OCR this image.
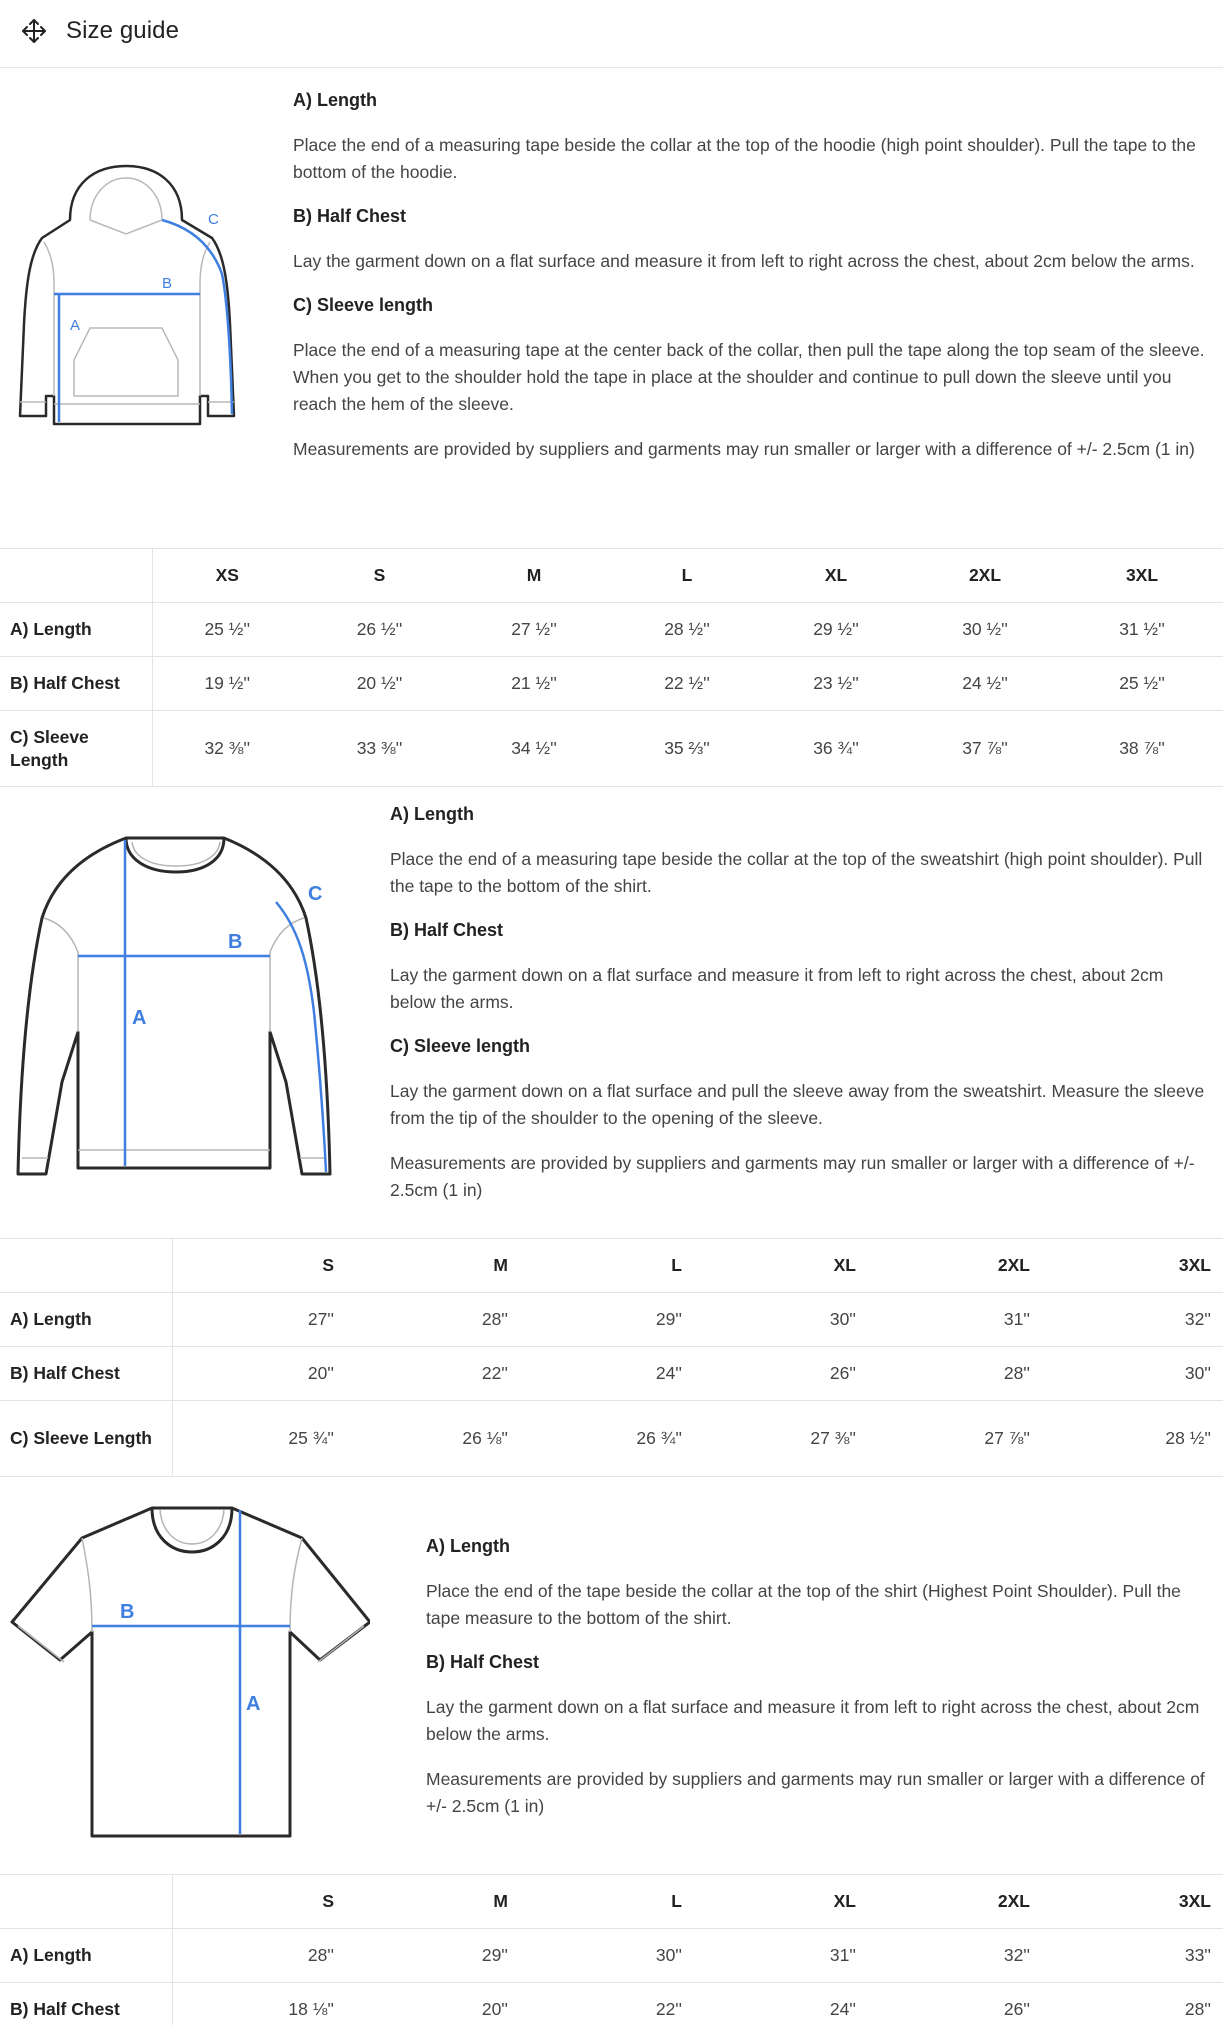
Size guide
A
B
C
A) Length

Place the end of a measuring tape beside the collar at the top of the hoodie (high point shoulder). Pull the tape to the bottom of the hoodie.

B) Half Chest

Lay the garment down on a flat surface and measure it from left to right across the chest, about 2cm below the arms.

C) Sleeve length

Place the end of a measuring tape at the center back of the collar, then pull the tape along the top seam of the sleeve. When you get to the shoulder hold the tape in place at the shoulder and continue to pull down the sleeve until you reach the hem of the sleeve.

Measurements are provided by suppliers and garments may run smaller or larger with a difference of +/- 2.5cm (1 in)

	XS	S	M	L	XL	2XL	3XL
A) Length	25 ½''	26 ½''	27 ½''	28 ½''	29 ½''	30 ½''	31 ½''
B) Half Chest	19 ½''	20 ½''	21 ½''	22 ½''	23 ½''	24 ½''	25 ½''
C) Sleeve Length	32 ⅜''	33 ⅜''	34 ½''	35 ⅔''	36 ¾''	37 ⅞''	38 ⅞''
A
B
C
A) Length

Place the end of a measuring tape beside the collar at the top of the sweatshirt (high point shoulder). Pull the tape to the bottom of the shirt.

B) Half Chest

Lay the garment down on a flat surface and measure it from left to right across the chest, about 2cm below the arms.

C) Sleeve length

Lay the garment down on a flat surface and pull the sleeve away from the sweatshirt. Measure the sleeve from the tip of the shoulder to the opening of the sleeve.

Measurements are provided by suppliers and garments may run smaller or larger with a difference of +/- 2.5cm (1 in)

	S	M	L	XL	2XL	3XL
A) Length	27''	28''	29''	30''	31''	32''
B) Half Chest	20''	22''	24''	26''	28''	30''
C) Sleeve Length	25 ¾''	26 ⅛''	26 ¾''	27 ⅜''	27 ⅞''	28 ½''
A
B
A) Length

Place the end of the tape beside the collar at the top of the shirt (Highest Point Shoulder). Pull the tape measure to the bottom of the shirt.

B) Half Chest

Lay the garment down on a flat surface and measure it from left to right across the chest, about 2cm below the arms.

Measurements are provided by suppliers and garments may run smaller or larger with a difference of +/- 2.5cm (1 in)

	S	M	L	XL	2XL	3XL
A) Length	28''	29''	30''	31''	32''	33''
B) Half Chest	18 ⅛''	20''	22''	24''	26''	28''
